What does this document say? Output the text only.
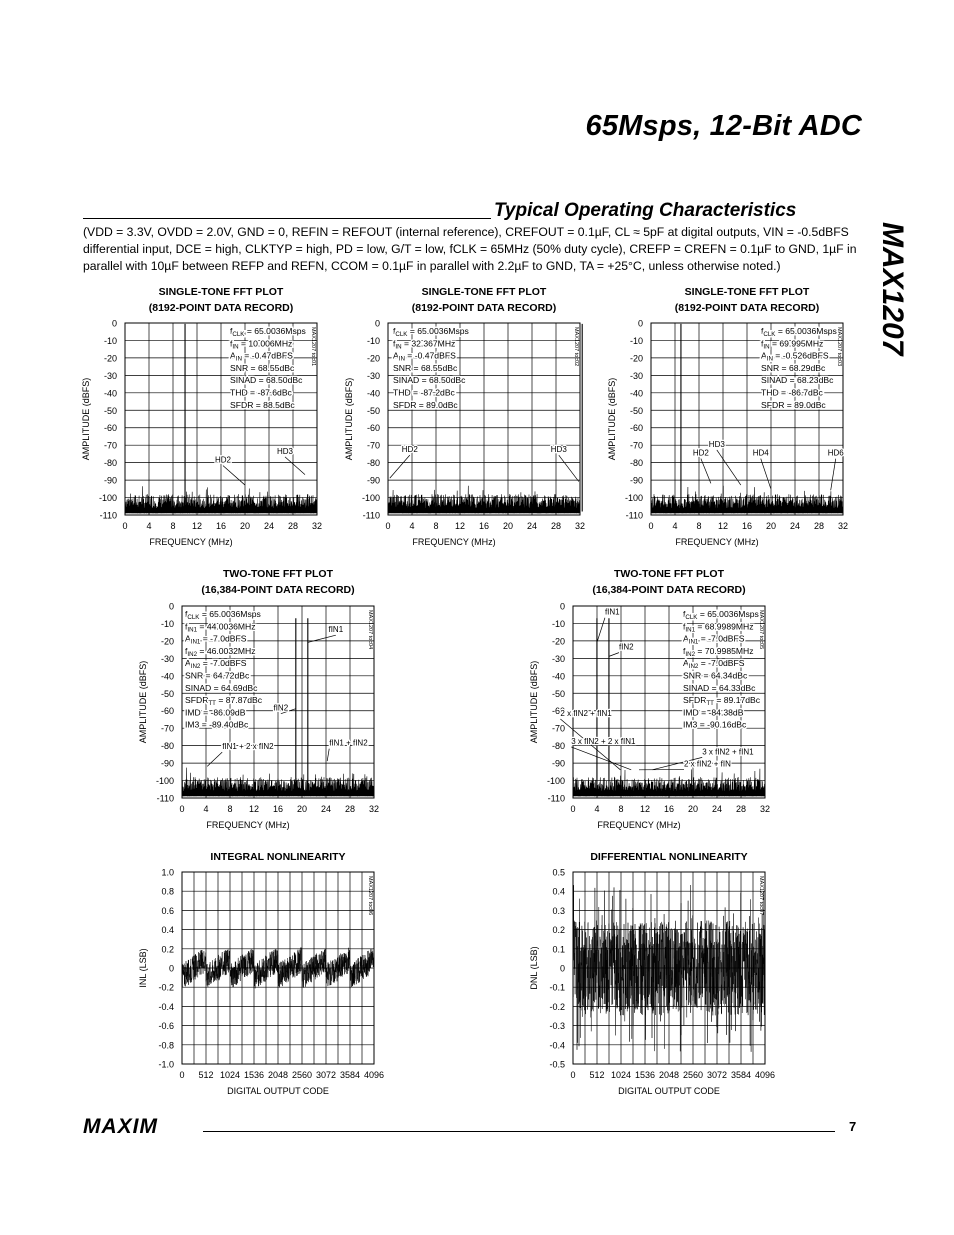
65Msps, 12-Bit ADC
MAX1207
Typical Operating Characteristics
(VDD = 3.3V, OVDD = 2.0V, GND = 0, REFIN = REFOUT (internal reference), CREFOUT = 0.1µF, CL ≈ 5pF at digital outputs, VIN = -0.5dBFS differential input, DCE = high, CLKTYP = high, PD = low, G/T = low, fCLK = 65MHz (50% duty cycle), CREFP = CREFN = 0.1µF to GND, 1µF in parallel with 10µF between REFP and REFN, CCOM = 0.1µF in parallel with 2.2µF to GND, TA = +25°C, unless otherwise noted.)
SINGLE-TONE FFT PLOT
(8192-POINT DATA RECORD)
0
-10
-20
-30
-40
-50
-60
-70
-80
-90
-100
-110
0 4 8 12 16 20 24 28 32
FREQUENCY (MHz)
AMPLITUDE (dBFS)
MAX1207 toc01
HD2
HD3
$f_{CLK}$ = 65.0036Msps
$f_{IN} = 10.006MHz$
$A_{IN}$ = -0.47dBFS
SNR = 68.55dBc
SINAD = 68.50dBc
THD = -87.6dBc
SFDR = 88.5dBc
SINGLE-TONE FFT PLOT
(8192-POINT DATA RECORD)
0
-10
-20
-30
-40
-50
-60
-70
-80
-90
-100
-110
0 4 8 12 16 20 24 28 32
FREQUENCY (MHz)
AMPLITUDE (dBFS)
MAX1207 toc02
HD2	HD3
$f_{CLK}$ = 65.0036Msps
$f_{IN} = 32.367MHz$
$A_{IN}$ = -0.47dBFS
SNR = 68.55dBc
SINAD = 68.50dBc
THD = -87.2dBc
SFDR = 89.0dBc
SINGLE-TONE FFT PLOT
(8192-POINT DATA RECORD)
0
-10
-20
-30
-40
-50
-60
-70
-80
-90
-100
-110
0 4 8 12 16 20 24 28 32
FREQUENCY (MHz)
AMPLITUDE (dBFS)
MAX1207 toc03
HD2
HD3
HD4	HD6
$f_{CLK}$ = 65.0036Msps
$f_{IN} = 69.995MHz$
$A_{IN}$ = -0.526dBFS
SNR = 68.29dBc
SINAD = 68.23dBc
THD = -86.7dBc
SFDR = 89.0dBc
TWO-TONE FFT PLOT
(16,384-POINT DATA RECORD)
0
-10
-20
-30
-40
-50
-60
-70
-80
-90
-100
-110
0 4 8 12 16 20 24 28 32
FREQUENCY (MHz)
AMPLITUDE (dBFS)
MAX1207 toc04
fIN1
fIN2
fIN1 + 2 x fIN2	fIN1 + fIN2
$f_{CLK}$ = 65.0036Msps
$f_{IN1} = 44.0036MHz$
$A_{IN1}$ = -7.0dBFS
$f_{IN2} = 46.0032MHz$
$A_{IN2}$ = -7.0dBFS
SNR = 64.72dBc
SINAD = 64.69dBc
$SFDR_{TT} = 87.87dBc$
IMD = -86.09dB
IM3 = -89.40dBc
TWO-TONE FFT PLOT
(16,384-POINT DATA RECORD)
0
-10
-20
-30
-40
-50
-60
-70
-80
-90
-100
-110
0 4 8 12 16 20 24 28 32
FREQUENCY (MHz)
AMPLITUDE (dBFS)
MAX1207 toc05
fIN1
fIN2
2 x fIN2 + fIN1
3 x fIN2 + 2 x fIN1
3 x fIN2 + fIN1
2 x fIN2 + fIN
$f_{CLK}$ = 65.0036Msps
$f_{IN1} = 68.9989MHz$
$A_{IN1}$ = -7.0dBFS
$f_{IN2} = 70.9985MHz$
$A_{IN2}$ = -7.0dBFS
SNR = 64.34dBc
SINAD = 64.33dBc
$SFDR_{TT} = 89.17dBc$
IMD = -84.38dB
IM3 = -90.16dBc
INTEGRAL NONLINEARITY
1.0
0.8
0.6
0.4
0.2
0
-0.2
-0.4
-0.6
-0.8
-1.0
0 512 1024 1536 2048 2560 3072 3584 4096
DIGITAL OUTPUT CODE
INL (LSB)
MAX1207 toc06
DIFFERENTIAL NONLINEARITY
0.5
0.4
0.3
0.2
0.1
0
-0.1
-0.2
-0.3
-0.4
-0.5
0 512 1024 1536 2048 2560 3072 3584 4096
DIGITAL OUTPUT CODE
DNL (LSB)
MAX1207 toc07
MAXIM	7
